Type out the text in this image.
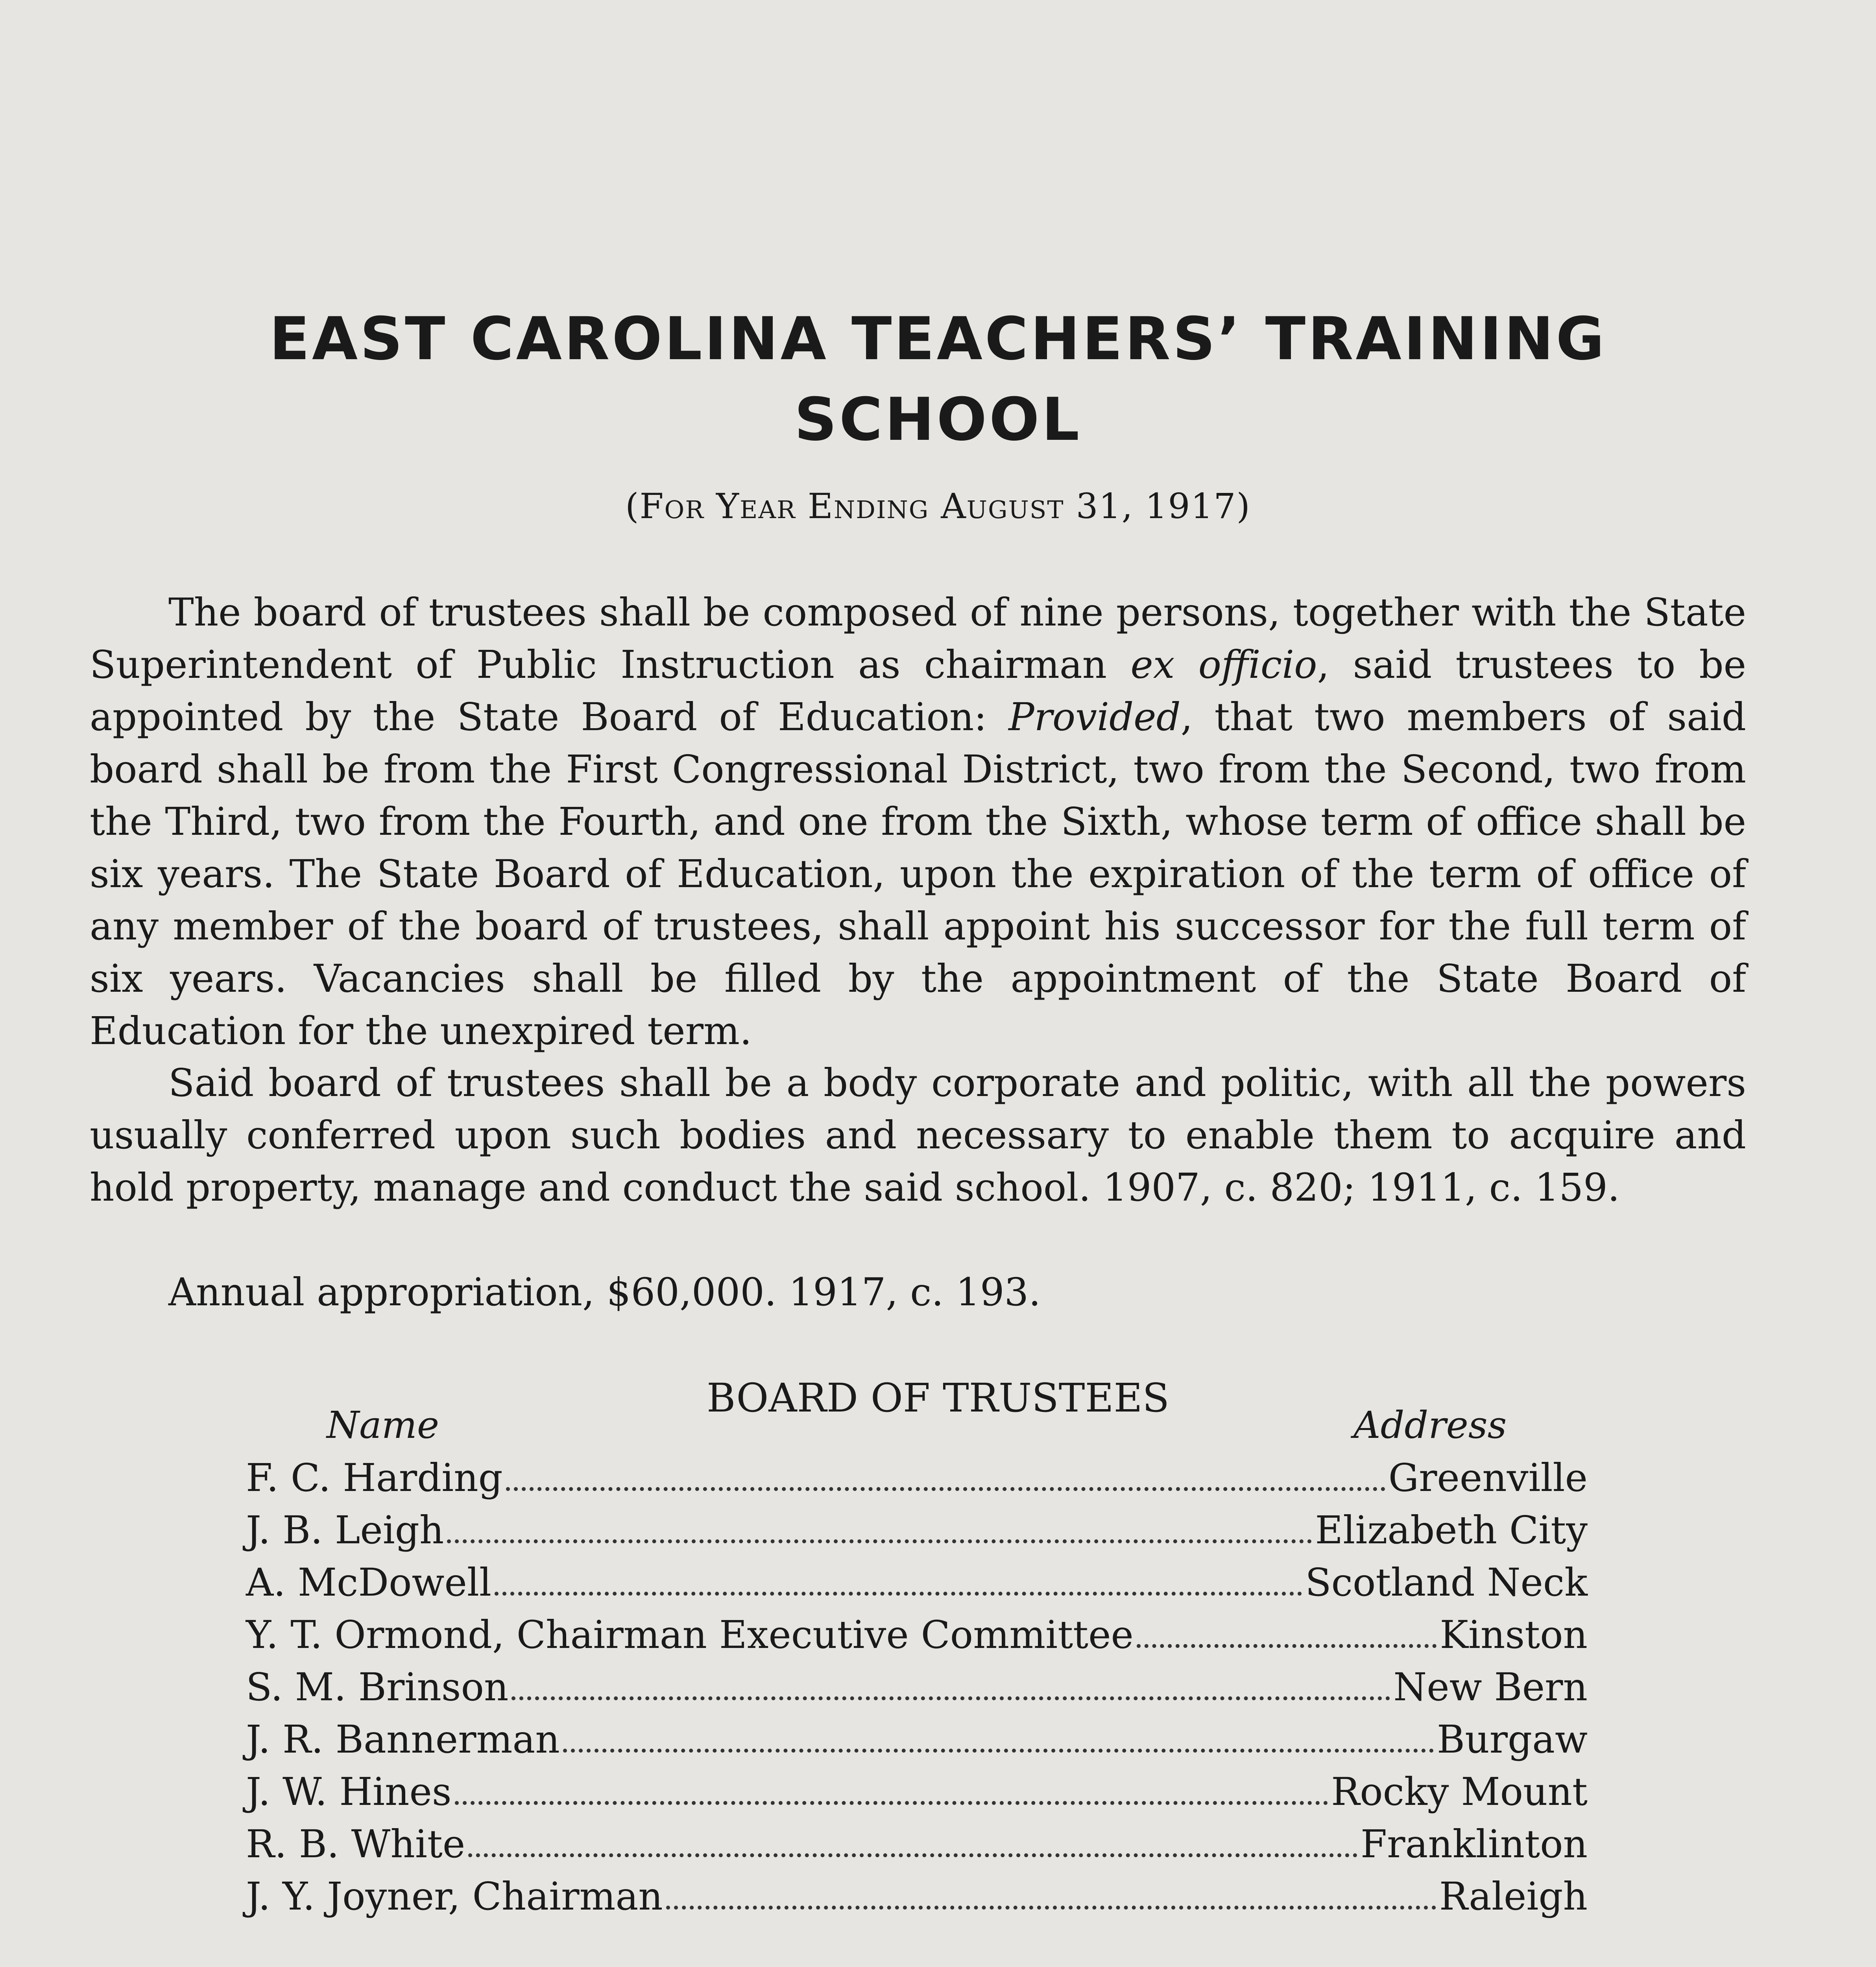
EAST CAROLINA TEACHERS’ TRAINING
SCHOOL
(For Year Ending August 31, 1917)

The board of trustees shall be composed of nine persons, together with the State Superintendent of Public Instruction as chairman ex officio, said trustees to be appointed by the State Board of Education: Provided, that two members of said board shall be from the First Congressional District, two from the Second, two from the Third, two from the Fourth, and one from the Sixth, whose term of office shall be six years. The State Board of Education, upon the expiration of the term of office of any member of the board of trustees, shall appoint his successor for the full term of six years. Vacancies shall be filled by the appointment of the State Board of Education for the unexpired term.

Said board of trustees shall be a body corporate and politic, with all the powers usually conferred upon such bodies and necessary to enable them to acquire and hold property, manage and conduct the said school. 1907, c. 820; 1911, c. 159.

Annual appropriation, $60,000. 1917, c. 193.

BOARD OF TRUSTEES
Name	Address
F. C. Harding	Greenville
J. B. Leigh	Elizabeth City
A. McDowell	Scotland Neck
Y. T. Ormond, Chairman Executive Committee	Kinston
S. M. Brinson	New Bern
J. R. Bannerman	Burgaw
J. W. Hines	Rocky Mount
R. B. White	Franklinton
J. Y. Joyner, Chairman	Raleigh
